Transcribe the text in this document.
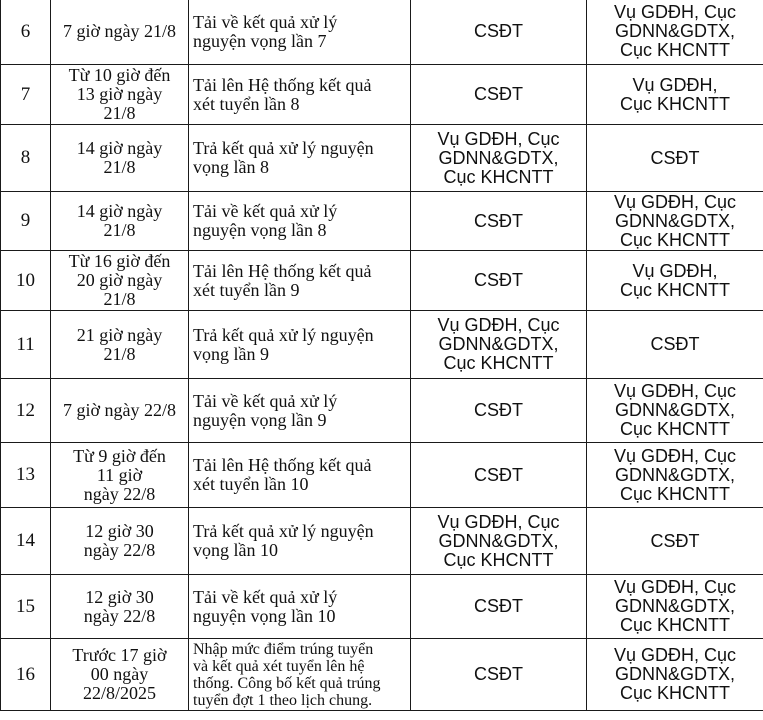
6	7 giờ ngày 21/8	Tải về kết quả xử lý
nguyện vọng lần 7	CSĐT	Vụ GDĐH, Cục
GDNN&GDTX,
Cục KHCNTT

7	Từ 10 giờ đến
13 giờ ngày
21/8	Tải lên Hệ thống kết quả
xét tuyển lần 8	CSĐT	Vụ GDĐH,
Cục KHCNTT

8	14 giờ ngày
21/8	Trả kết quả xử lý nguyện
vọng lần 8	Vụ GDĐH, Cục
GDNN&GDTX,
Cục KHCNTT	CSĐT

9	14 giờ ngày
21/8	Tải về kết quả xử lý
nguyện vọng lần 8	CSĐT	Vụ GDĐH, Cục
GDNN&GDTX,
Cục KHCNTT

10	Từ 16 giờ đến
20 giờ ngày
21/8	Tải lên Hệ thống kết quả
xét tuyển lần 9	CSĐT	Vụ GDĐH,
Cục KHCNTT

11	21 giờ ngày
21/8	Trả kết quả xử lý nguyện
vọng lần 9	Vụ GDĐH, Cục
GDNN&GDTX,
Cục KHCNTT	CSĐT

12	7 giờ ngày 22/8	Tải về kết quả xử lý
nguyện vọng lần 9	CSĐT	Vụ GDĐH, Cục
GDNN&GDTX,
Cục KHCNTT

13	Từ 9 giờ đến
11 giờ
ngày 22/8	Tải lên Hệ thống kết quả
xét tuyển lần 10	CSĐT	Vụ GDĐH, Cục
GDNN&GDTX,
Cục KHCNTT

14	12 giờ 30
ngày 22/8	Trả kết quả xử lý nguyện
vọng lần 10	Vụ GDĐH, Cục
GDNN&GDTX,
Cục KHCNTT	CSĐT

15	12 giờ 30
ngày 22/8	Tải về kết quả xử lý
nguyện vọng lần 10	CSĐT	Vụ GDĐH, Cục
GDNN&GDTX,
Cục KHCNTT

16	Trước 17 giờ
00 ngày
22/8/2025	Nhập mức điểm trúng tuyển
và kết quả xét tuyển lên hệ
thống. Công bố kết quả trúng
tuyển đợt 1 theo lịch chung.	CSĐT	Vụ GDĐH, Cục
GDNN&GDTX,
Cục KHCNTT
